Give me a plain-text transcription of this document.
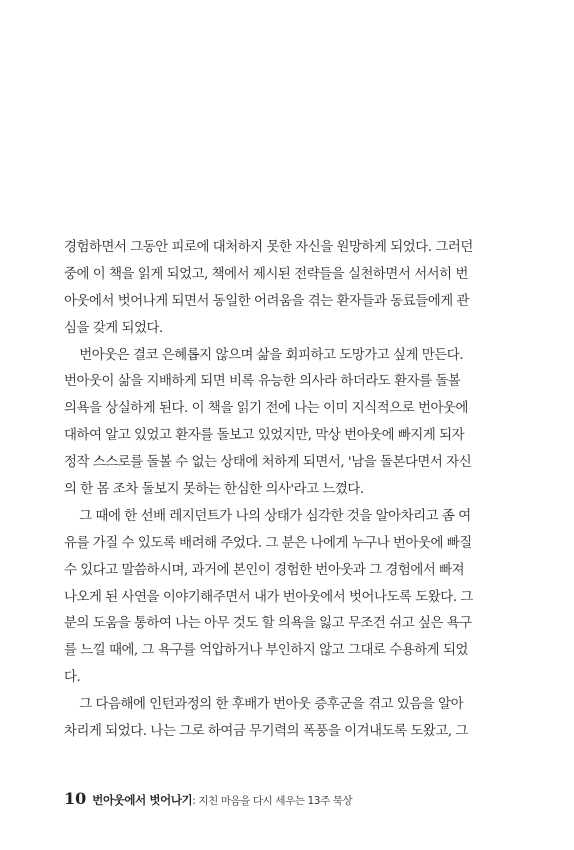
경험하면서 그동안 피로에 대처하지 못한 자신을 원망하게 되었다. 그러던
중에 이 책을 읽게 되었고, 책에서 제시된 전략들을 실천하면서 서서히 번
아웃에서 벗어나게 되면서 동일한 어려움을 겪는 환자들과 동료들에게 관
심을 갖게 되었다.
번아웃은 결코 은혜롭지 않으며 삶을 회피하고 도망가고 싶게 만든다.
번아웃이 삶을 지배하게 되면 비록 유능한 의사라 하더라도 환자를 돌볼
의욕을 상실하게 된다. 이 책을 읽기 전에 나는 이미 지식적으로 번아웃에
대하여 알고 있었고 환자를 돌보고 있었지만, 막상 번아웃에 빠지게 되자
정작 스스로를 돌볼 수 없는 상태에 처하게 되면서, '남을 돌본다면서 자신
의 한 몸 조차 돌보지 못하는 한심한 의사'라고 느꼈다.
그 때에 한 선배 레지던트가 나의 상태가 심각한 것을 알아차리고 좀 여
유를 가질 수 있도록 배려해 주었다. 그 분은 나에게 누구나 번아웃에 빠질
수 있다고 말씀하시며, 과거에 본인이 경험한 번아웃과 그 경험에서 빠져
나오게 된 사연을 이야기해주면서 내가 번아웃에서 벗어나도록 도왔다. 그
분의 도움을 통하여 나는 아무 것도 할 의욕을 잃고 무조건 쉬고 싶은 욕구
를 느낄 때에, 그 욕구를 억압하거나 부인하지 않고 그대로 수용하게 되었
다.
그 다음해에 인턴과정의 한 후배가 번아웃 증후군을 겪고 있음을 알아
차리게 되었다. 나는 그로 하여금 무기력의 폭풍을 이겨내도록 도왔고, 그
10 번아웃에서 벗어나기 : 지친 마음을 다시 세우는 13주 묵상
